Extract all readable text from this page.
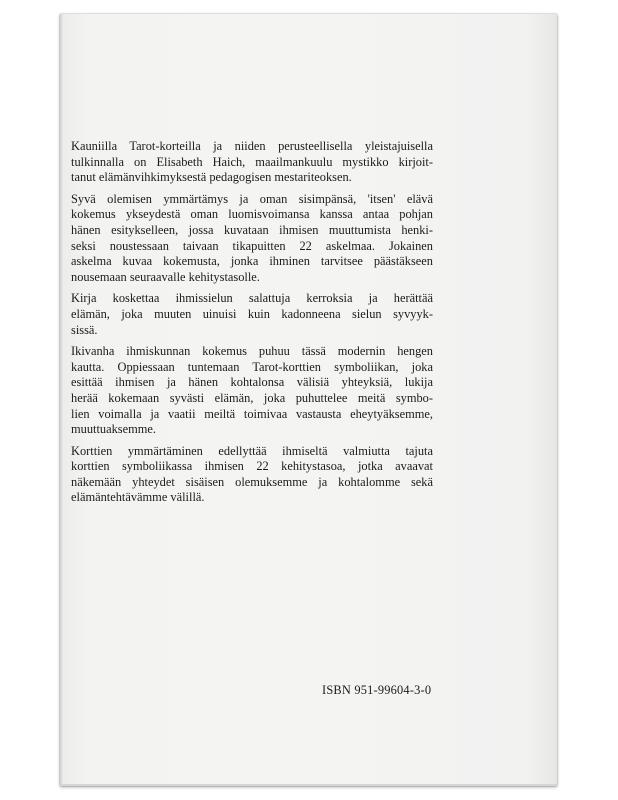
Kauniilla Tarot-korteilla ja niiden perusteellisella yleistajuisella
tulkinnalla on Elisabeth Haich, maailmankuulu mystikko kirjoit-
tanut elämänvihkimyksestä pedagogisen mestariteoksen.
Syvä olemisen ymmärtämys ja oman sisimpänsä, 'itsen' elävä
kokemus ykseydestä oman luomisvoimansa kanssa antaa pohjan
hänen esitykselleen, jossa kuvataan ihmisen muuttumista henki-
seksi noustessaan taivaan tikapuitten 22 askelmaa. Jokainen
askelma kuvaa kokemusta, jonka ihminen tarvitsee päästäkseen
nousemaan seuraavalle kehitystasolle.
Kirja koskettaa ihmissielun salattuja kerroksia ja herättää
elämän, joka muuten uinuisi kuin kadonneena sielun syvyyk-
sissä.
Ikivanha ihmiskunnan kokemus puhuu tässä modernin hengen
kautta. Oppiessaan tuntemaan Tarot-korttien symboliikan, joka
esittää ihmisen ja hänen kohtalonsa välisiä yhteyksiä, lukija
herää kokemaan syvästi elämän, joka puhuttelee meitä symbo-
lien voimalla ja vaatii meiltä toimivaa vastausta eheytyäksemme,
muuttuaksemme.
Korttien ymmärtäminen edellyttää ihmiseltä valmiutta tajuta
korttien symboliikassa ihmisen 22 kehitystasoa, jotka avaavat
näkemään yhteydet sisäisen olemuksemme ja kohtalomme sekä
elämäntehtävämme välillä.
ISBN 951-99604-3-0
